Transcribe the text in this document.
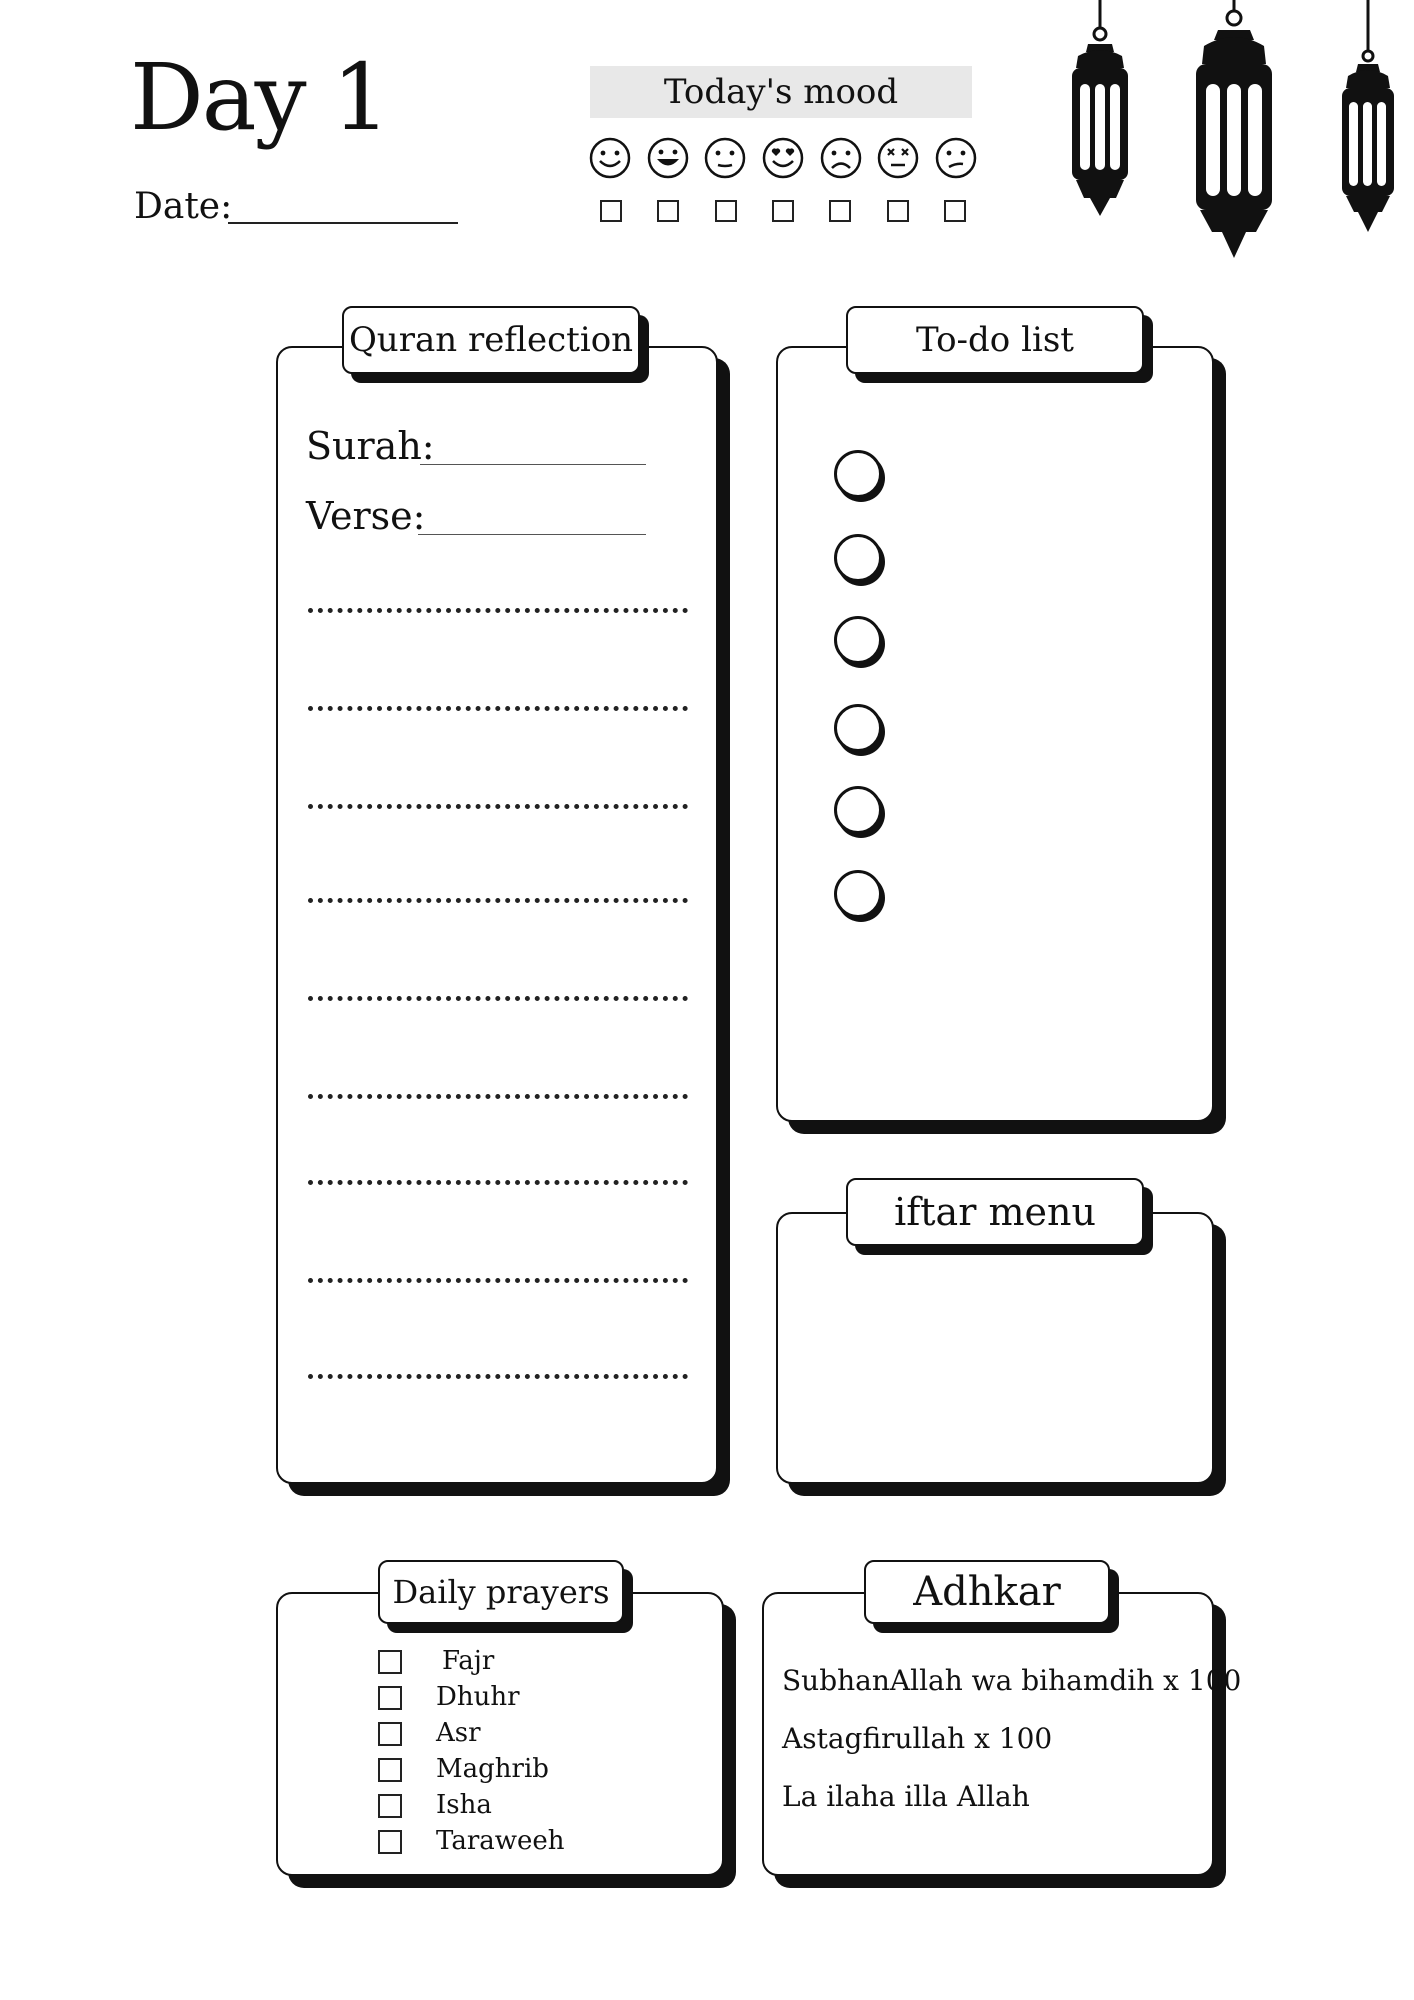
Day 1
Date:
Today's mood
Quran reflection
Surah:
Verse:
To-do list
iftar menu
Daily prayers
Fajr
Dhuhr
Asr
Maghrib
Isha
Taraweeh
Adhkar
SubhanAllah wa bihamdih x 100
Astagfirullah x 100
La ilaha illa Allah
